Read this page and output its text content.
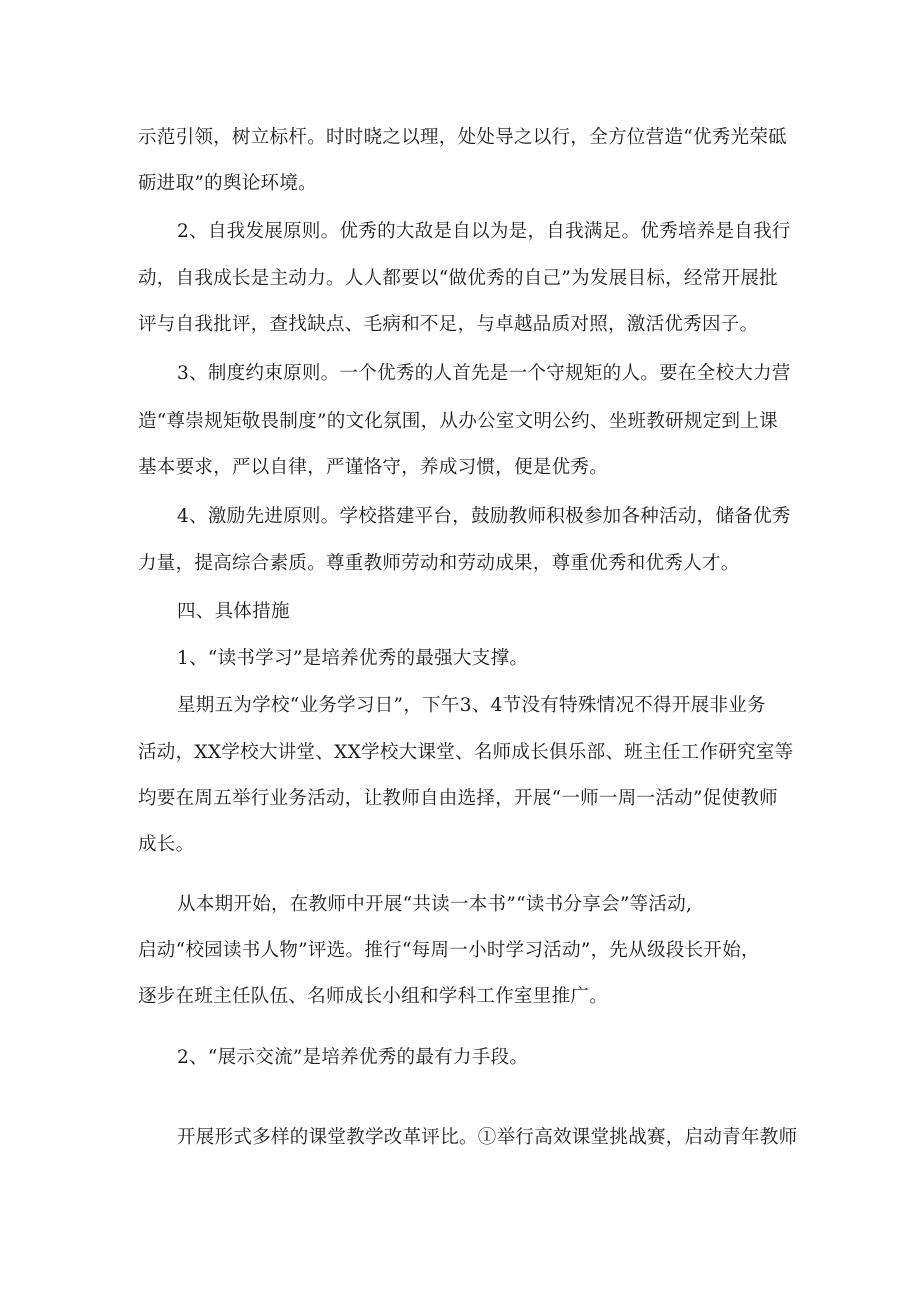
示范引领，树立标杆。时时晓之以理，处处导之以行，全方位营造“优秀光荣砥

砺进取”的舆论环境。

2、自我发展原则。优秀的大敌是自以为是，自我满足。优秀培养是自我行

动，自我成长是主动力。人人都要以“做优秀的自己”为发展目标，经常开展批

评与自我批评，查找缺点、毛病和不足，与卓越品质对照，激活优秀因子。

3、制度约束原则。一个优秀的人首先是一个守规矩的人。要在全校大力营

造“尊崇规矩敬畏制度”的文化氛围，从办公室文明公约、坐班教研规定到上课

基本要求，严以自律，严谨恪守，养成习惯，便是优秀。

4、激励先进原则。学校搭建平台，鼓励教师积极参加各种活动，储备优秀

力量，提高综合素质。尊重教师劳动和劳动成果，尊重优秀和优秀人才。

四、具体措施

1、“读书学习”是培养优秀的最强大支撑。

星期五为学校“业务学习日”，下午3、4节没有特殊情况不得开展非业务

活动，XX学校大讲堂、XX学校大课堂、名师成长俱乐部、班主任工作研究室等

均要在周五举行业务活动，让教师自由选择，开展“一师一周一活动”促使教师

成长。

从本期开始，在教师中开展“共读一本书”“读书分享会”等活动,

启动“校园读书人物”评选。推行“每周一小时学习活动”，先从级段长开始，

逐步在班主任队伍、名师成长小组和学科工作室里推广。

2、“展示交流”是培养优秀的最有力手段。

开展形式多样的课堂教学改革评比。①举行高效课堂挑战赛，启动青年教师
